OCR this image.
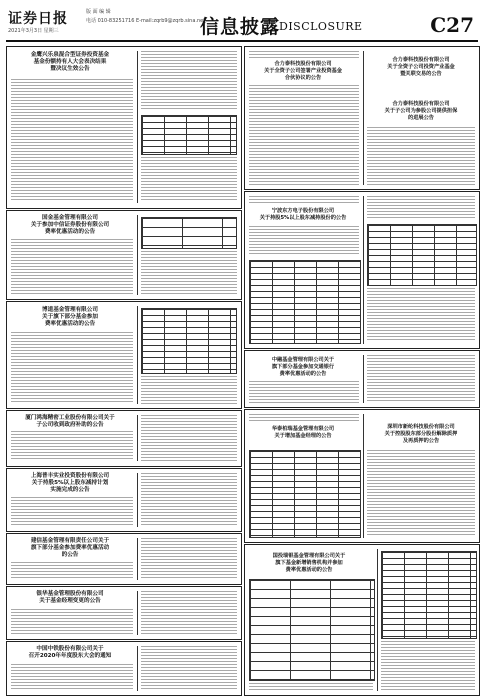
证券日报	版 面 编 辑
2021年3月3日 星期三
电话 010-83251716 E-mail:zqrb9@zqrb.sina.net
信息披露
DISCLOSURE	C27
金鹰兴乐泉混合型证券投资基金
基金份额持有人大会表决结果
暨决议生效公告
国金基金管理有限公司
关于参加中信证券股份有限公司
费率优惠活动的公告
博道基金管理有限公司
关于旗下部分基金参加
费率优惠活动的公告
厦门鸿海精密工业股份有限公司关于
子公司收到政府补助的公告
上海普丰实业投资股份有限公司
关于持股5%以上股东减持计划
实施完成的公告
建信基金管理有限责任公司关于
旗下部分基金参加费率优惠活动
的公告
银华基金管理股份有限公司
关于基金经理变更的公告
中国中铁股份有限公司关于
召开2020年年度股东大会的通知
合力泰科技股份有限公司
关于全资子公司签署产业投资基金
合伙协议的公告
合力泰科技股份有限公司
关于全资子公司投资产业基金
暨关联交易的公告
合力泰科技股份有限公司
关于子公司为参股公司提供担保
的进展公告
宁波东方电子股份有限公司
关于持股5%以上股东减持股份的公告
中融基金管理有限公司关于
旗下部分基金参加交通银行
费率优惠活动的公告
华泰柏瑞基金管理有限公司
关于增加基金经理的公告
深圳市新纶科技股份有限公司
关于控股股东部分股份解除质押
及再质押的公告
国投瑞银基金管理有限公司关于
旗下基金新增销售机构并参加
费率优惠活动的公告
